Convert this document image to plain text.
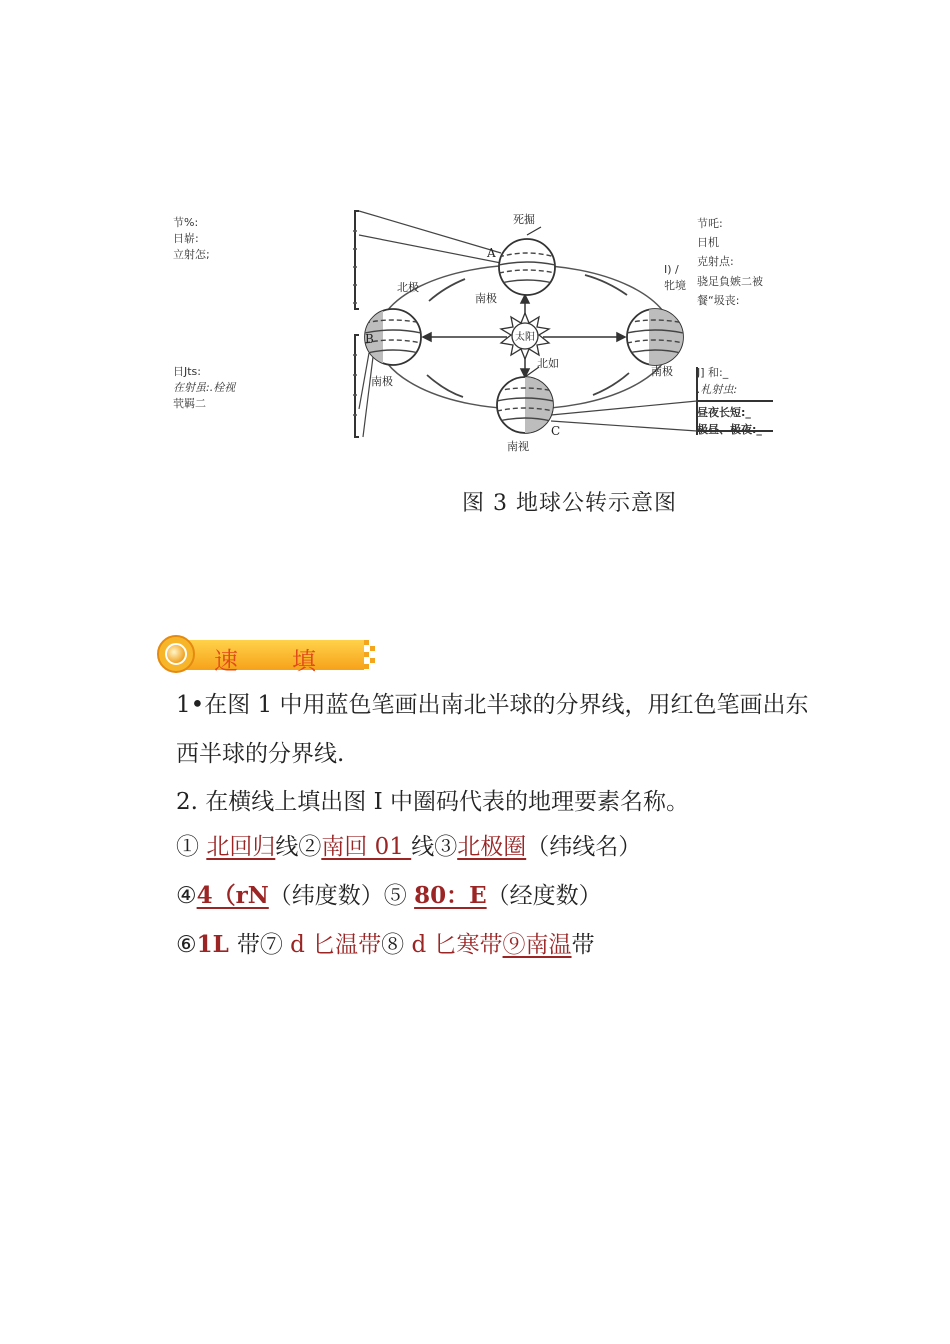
节%:
日崭:
立射怎;
日Jts:
在射虽:.栓视
茕羁二
节吒:
日机
克射点:
I) /
牝境 骁足負嫉二被
餐“圾丧:
J] 和:_
.札射虫:
昼夜长短:_
极昼、极夜:_
太阳
A
B
C
死掘
北极
南极
南极
南极
北如
南视
图 3 地球公转示意图
速 填
1•在图 1 中用蓝色笔画出南北半球的分界线，用红色笔画出东
西半球的分界线.
2. 在横线上填出图 I 中圈码代表的地理要素名称。
① 北回归线②南回 01 线③北极圈（纬线名）
④4（rN（纬度数）⑤ 80：E（经度数）
⑥1L 带⑦ d 匕温带⑧ d 匕寒带⑨南温带
